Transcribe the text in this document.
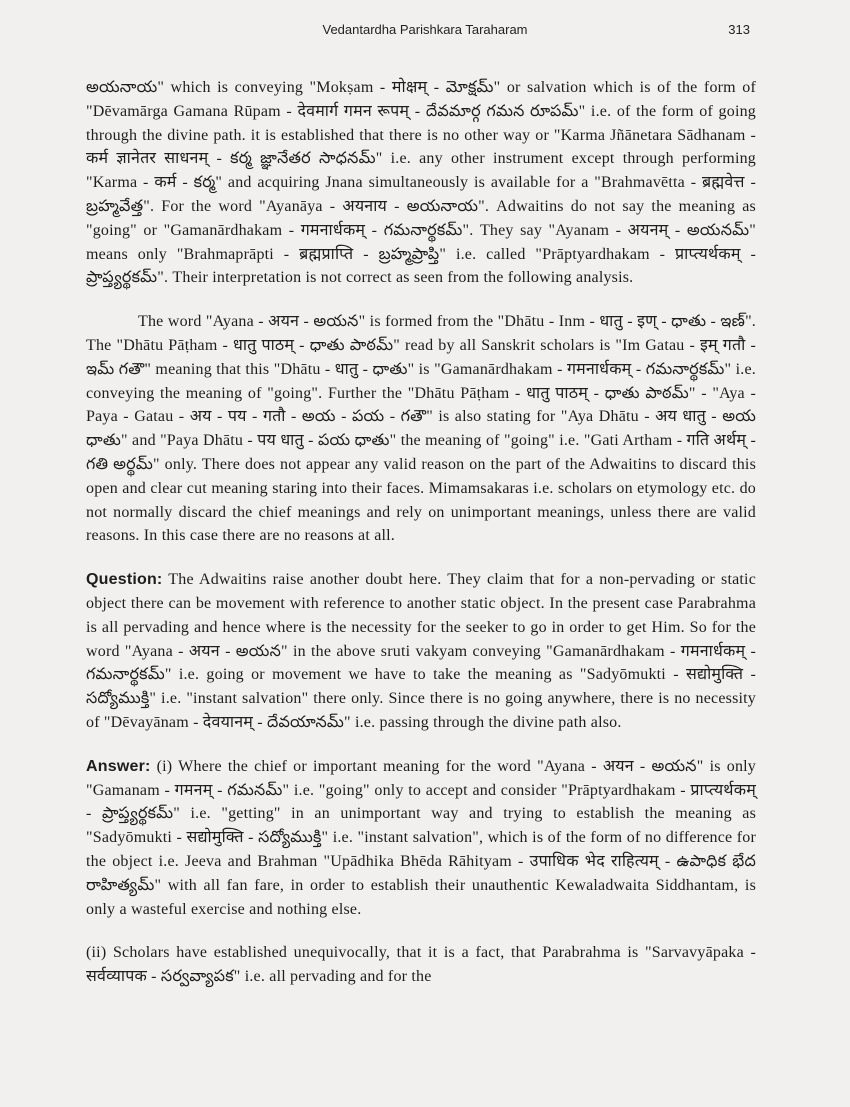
Vedantardha Parishkara Taraharam	313

అయనాయ" which is conveying "Mokṣam - मोक्षम् - మోక్షమ్" or salvation which is of the form of "Dēvamārga Gamana Rūpam - देवमार्ग गमन रूपम् - దేవమార్గ గమన రూపమ్" i.e. of the form of going through the divine path. it is established that there is no other way or "Karma Jñānetara Sādhanam - कर्म ज्ञानेतर साधनम् - కర్మ జ్ఞానేతర సాధనమ్" i.e. any other instrument except through performing "Karma - कर्म - కర్మ" and acquiring Jnana simultaneously is available for a "Brahmavētta - ब्रह्मवेत्त - బ్రహ్మవేత్త". For the word "Ayanāya - अयनाय - అయనాయ". Adwaitins do not say the meaning as "going" or "Gamanārdhakam - गमनार्धकम् - గమనార్థకమ్". They say "Ayanam - अयनम् - అయనమ్" means only "Brahmaprāpti - ब्रह्मप्राप्ति - బ్రహ్మప్రాప్తి" i.e. called "Prāptyardhakam - प्राप्त्यर्थकम् - ప్రాప్త్యర్థకమ్". Their interpretation is not correct as seen from the following analysis.

The word "Ayana - अयन - అయన" is formed from the "Dhātu - Inm - धातु - इण् - ధాతు - ఇణ్". The "Dhātu Pāṭham - धातु पाठम् - ధాతు పాఠమ్" read by all Sanskrit scholars is "Im Gatau - इम् गतौ - ఇమ్ గతౌ" meaning that this "Dhātu - धातु - ధాతు" is "Gamanārdhakam - गमनार्धकम् - గమనార్థకమ్" i.e. conveying the meaning of "going". Further the "Dhātu Pāṭham - धातु पाठम् - ధాతు పాఠమ్" - "Aya - Paya - Gatau - अय - पय - गतौ - అయ - పయ - గతౌ" is also stating for "Aya Dhātu - अय धातु - అయ ధాతు" and "Paya Dhātu - पय धातु - పయ ధాతు" the meaning of "going" i.e. "Gati Artham - गति अर्थम् - గతి అర్థమ్" only. There does not appear any valid reason on the part of the Adwaitins to discard this open and clear cut meaning staring into their faces. Mimamsakaras i.e. scholars on etymology etc. do not normally discard the chief meanings and rely on unimportant meanings, unless there are valid reasons. In this case there are no reasons at all.

Question: The Adwaitins raise another doubt here. They claim that for a non-pervading or static object there can be movement with reference to another static object. In the present case Parabrahma is all pervading and hence where is the necessity for the seeker to go in order to get Him. So for the word "Ayana - अयन - అయన" in the above sruti vakyam conveying "Gamanārdhakam - गमनार्धकम् - గమనార్థకమ్" i.e. going or movement we have to take the meaning as "Sadyōmukti - सद्योमुक्ति - సద్యోముక్తి" i.e. "instant salvation" there only. Since there is no going anywhere, there is no necessity of "Dēvayānam - देवयानम् - దేవయానమ్" i.e. passing through the divine path also.

Answer: (i) Where the chief or important meaning for the word "Ayana - अयन - అయన" is only "Gamanam - गमनम् - గమనమ్" i.e. "going" only to accept and consider "Prāptyardhakam - प्राप्त्यर्थकम् - ప్రాప్త్యర్థకమ్" i.e. "getting" in an unimportant way and trying to establish the meaning as "Sadyōmukti - सद्योमुक्ति - సద్యోముక్తి" i.e. "instant salvation", which is of the form of no difference for the object i.e. Jeeva and Brahman "Upādhika Bhēda Rāhityam - उपाधिक भेद राहित्यम् - ఉపాధిక భేద రాహిత్యమ్" with all fan fare, in order to establish their unauthentic Kewaladwaita Siddhantam, is only a wasteful exercise and nothing else.

(ii) Scholars have established unequivocally, that it is a fact, that Parabrahma is "Sarvavyāpaka - सर्वव्यापक - సర్వవ్యాపక" i.e. all pervading and for the
